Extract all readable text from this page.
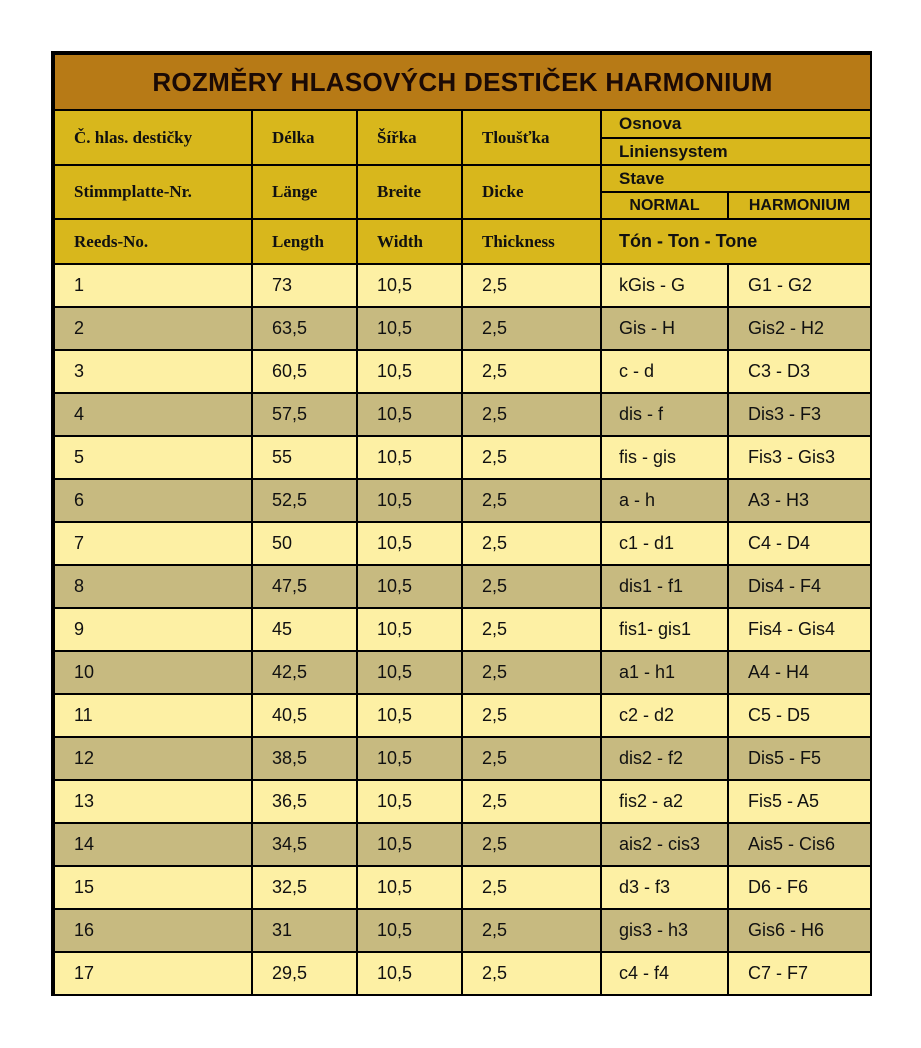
ROZMĚRY HLASOVÝCH DESTIČEK HARMONIUM					
Č. hlas. destičky	Délka	Šířka	Tloušťka	Osnova	
				Liniensystem	
Stimmplatte-Nr.	Länge	Breite	Dicke	Stave	
				NORMAL	HARMONIUM
Reeds-No.	Length	Width	Thickness	Tón - Ton - Tone	
1	73	10,5	2,5	kGis - G	G1 - G2
2	63,5	10,5	2,5	Gis - H	Gis2 - H2
3	60,5	10,5	2,5	c - d	C3 - D3
4	57,5	10,5	2,5	dis - f	Dis3 - F3
5	55	10,5	2,5	fis - gis	Fis3 - Gis3
6	52,5	10,5	2,5	a - h	A3 - H3
7	50	10,5	2,5	c1 - d1	C4 - D4
8	47,5	10,5	2,5	dis1 - f1	Dis4 - F4
9	45	10,5	2,5	fis1- gis1	Fis4 - Gis4
10	42,5	10,5	2,5	a1 - h1	A4 - H4
11	40,5	10,5	2,5	c2 - d2	C5 - D5
12	38,5	10,5	2,5	dis2 - f2	Dis5 - F5
13	36,5	10,5	2,5	fis2 - a2	Fis5 - A5
14	34,5	10,5	2,5	ais2 - cis3	Ais5 - Cis6
15	32,5	10,5	2,5	d3 - f3	D6 - F6
16	31	10,5	2,5	gis3 - h3	Gis6 - H6
17	29,5	10,5	2,5	c4 - f4	C7 - F7
